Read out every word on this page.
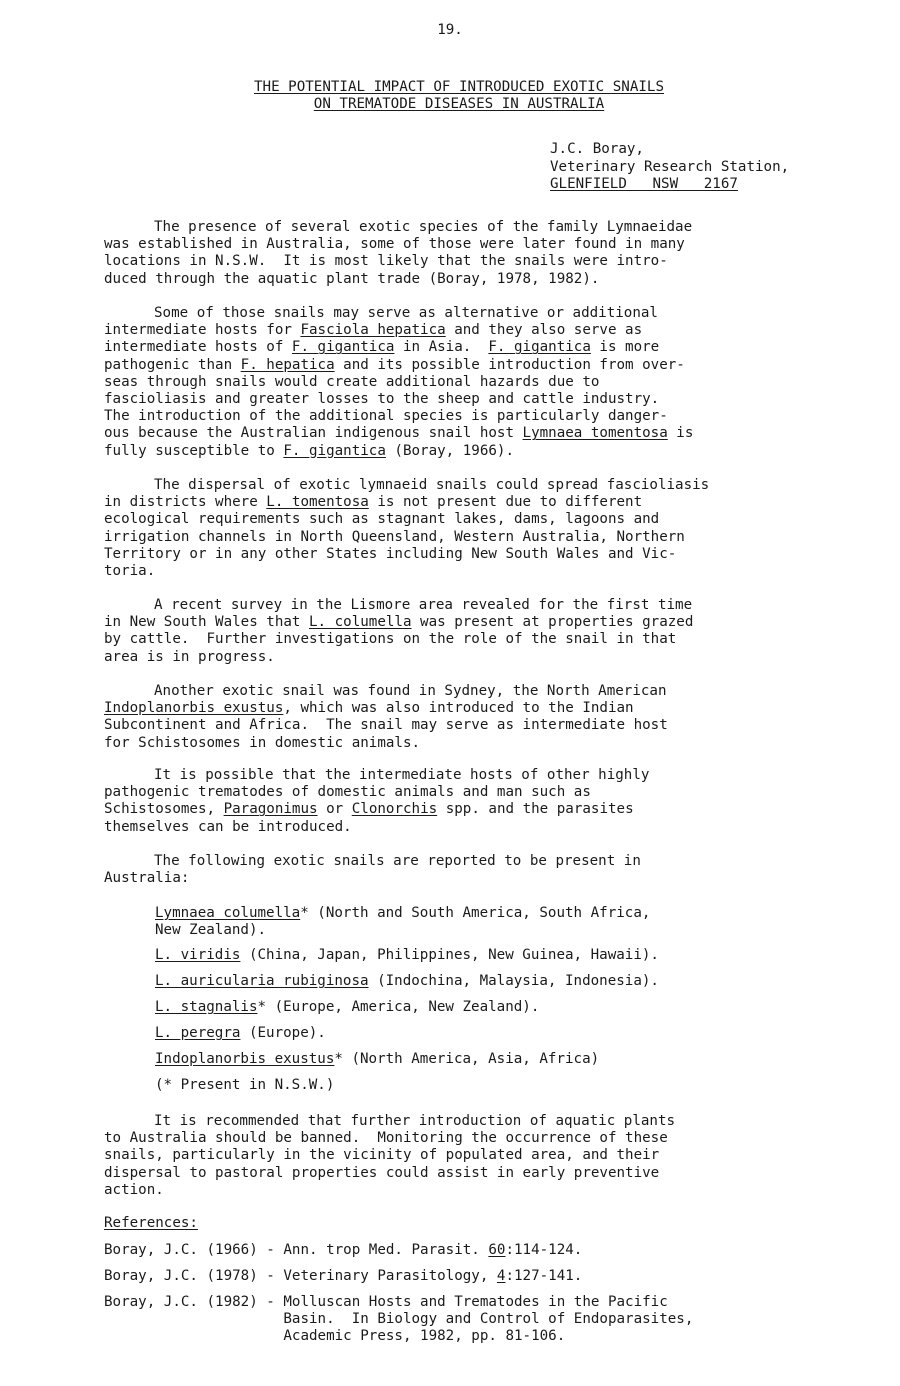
19.
THE POTENTIAL IMPACT OF INTRODUCED EXOTIC SNAILS
ON TREMATODE DISEASES IN AUSTRALIA
J.C. Boray,
Veterinary Research Station,
GLENFIELD   NSW   2167
The presence of several exotic species of the family Lymnaeidae
was established in Australia, some of those were later found in many
locations in N.S.W.  It is most likely that the snails were intro-
duced through the aquatic plant trade (Boray, 1978, 1982).
Some of those snails may serve as alternative or additional
intermediate hosts for Fasciola hepatica and they also serve as
intermediate hosts of F. gigantica in Asia.  F. gigantica is more
pathogenic than F. hepatica and its possible introduction from over-
seas through snails would create additional hazards due to
fascioliasis and greater losses to the sheep and cattle industry.
The introduction of the additional species is particularly danger-
ous because the Australian indigenous snail host Lymnaea tomentosa is
fully susceptible to F. gigantica (Boray, 1966).
The dispersal of exotic lymnaeid snails could spread fascioliasis
in districts where L. tomentosa is not present due to different
ecological requirements such as stagnant lakes, dams, lagoons and
irrigation channels in North Queensland, Western Australia, Northern
Territory or in any other States including New South Wales and Vic-
toria.
A recent survey in the Lismore area revealed for the first time
in New South Wales that L. columella was present at properties grazed
by cattle.  Further investigations on the role of the snail in that
area is in progress.
Another exotic snail was found in Sydney, the North American
Indoplanorbis exustus, which was also introduced to the Indian
Subcontinent and Africa.  The snail may serve as intermediate host
for Schistosomes in domestic animals.
It is possible that the intermediate hosts of other highly
pathogenic trematodes of domestic animals and man such as
Schistosomes, Paragonimus or Clonorchis spp. and the parasites
themselves can be introduced.
The following exotic snails are reported to be present in
Australia:
Lymnaea columella* (North and South America, South Africa,
New Zealand).
L. viridis (China, Japan, Philippines, New Guinea, Hawaii).
L. auricularia rubiginosa (Indochina, Malaysia, Indonesia).
L. stagnalis* (Europe, America, New Zealand).
L. peregra (Europe).
Indoplanorbis exustus* (North America, Asia, Africa)
(* Present in N.S.W.)
It is recommended that further introduction of aquatic plants
to Australia should be banned.  Monitoring the occurrence of these
snails, particularly in the vicinity of populated area, and their
dispersal to pastoral properties could assist in early preventive
action.
References:
Boray, J.C. (1966) - Ann. trop Med. Parasit. 60:114-124.
Boray, J.C. (1978) - Veterinary Parasitology, 4:127-141.
Boray, J.C. (1982) - Molluscan Hosts and Trematodes in the Pacific
Basin.  In Biology and Control of Endoparasites,
Academic Press, 1982, pp. 81-106.
